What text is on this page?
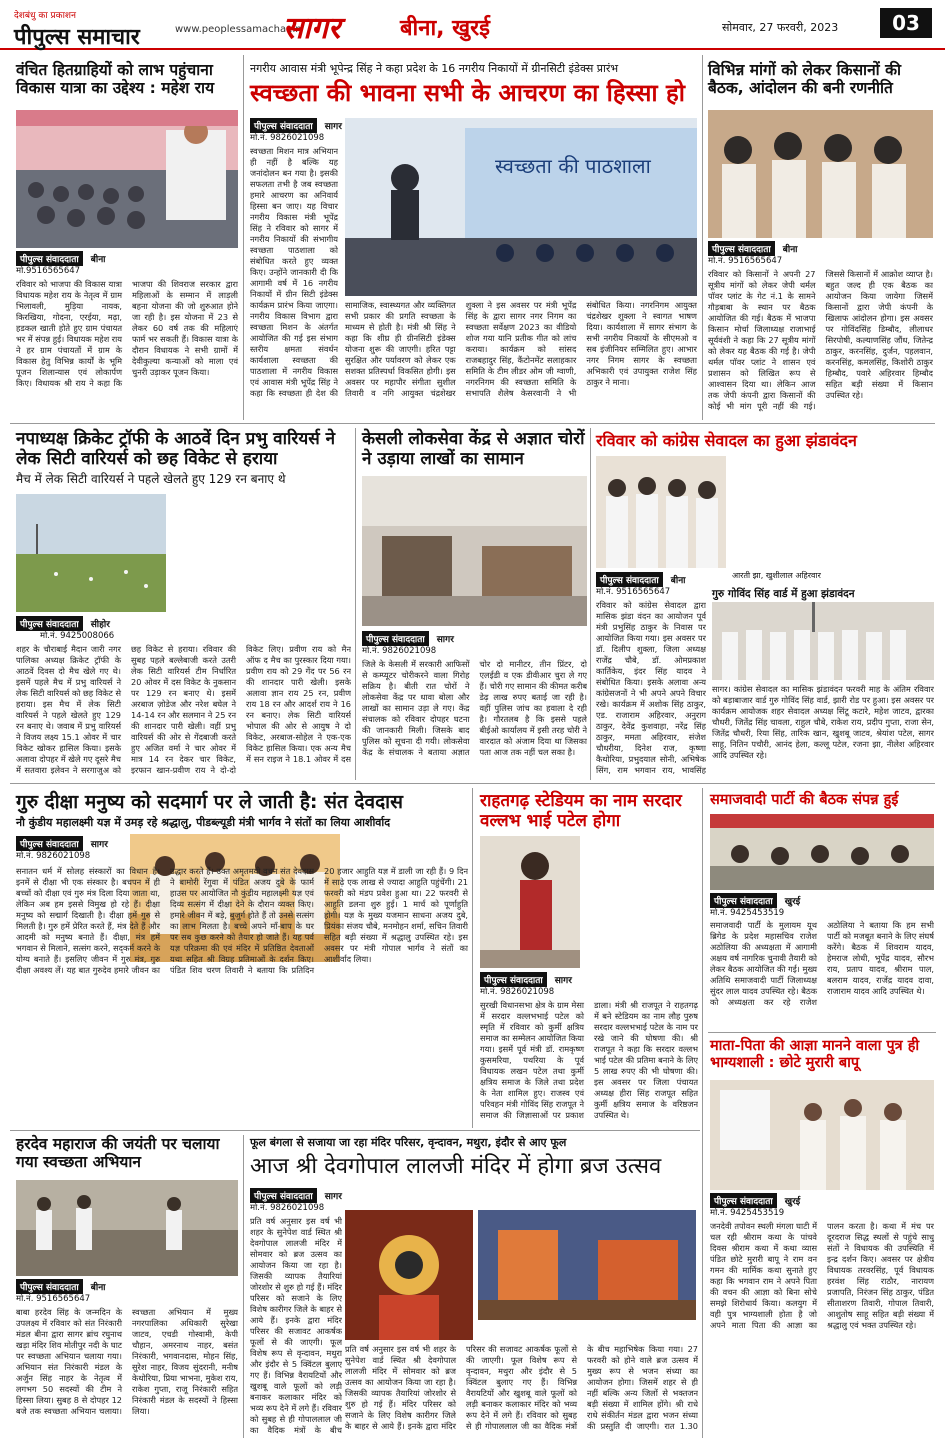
देशबंधु का प्रकाशन
पीपुल्स समाचार	www.peoplessamachar.in
सागर	बीना, खुरई	सोमवार, 27 फरवरी, 2023	03
वंचित हितग्राहियों को लाभ पहुंचाना विकास यात्रा का उद्देश्य : महेश राय
पीपुल्स संवाददाता बीना
मो.9516565647
रविवार को भाजपा की विकास यात्रा विधायक महेश राय के नेतृत्व में ग्राम भिलावली, मुड़िया नायक, किरखिया, गोदना, एरईया, मढ़ा, हडकल खाती होते हुए ग्राम पंचायत भर में संपन्न हुई। विधायक महेश राय ने हर ग्राम पंचायतों में ग्राम के विकास हेतु विभिन्न कार्यों के भूमि पूजन शिलान्यास एवं लोकार्पण किए। विधायक श्री राय ने कहा कि भाजपा की शिवराज सरकार द्वारा महिलाओं के सम्मान में लाड़ली बहना योजना की जो शुरुआत होने जा रही है। इस योजना में 23 से लेकर 60 वर्ष तक की महिलाएं फार्म भर सकती हैं। विकास यात्रा के दौरान विधायक ने सभी ग्रामों में देवीकुल्या कन्याओं को माला एवं चुनरी उड़ाकर पूजन किया।
नगरीय आवास मंत्री भूपेन्द्र सिंह ने कहा प्रदेश के 16 नगरीय निकायों में ग्रीनसिटी इंडेक्स प्रारंभ
स्वच्छता की भावना सभी के आचरण का हिस्सा हो
पीपुल्स संवाददाता सागर
मो.नं. 9826021098
स्वच्छता मिशन मात्र अभियान ही नहीं है बल्कि यह जनांदोलन बन गया है। इसकी सफलता तभी है जब स्वच्छता हमारे आचरण का अनिवार्य हिस्सा बन जाए। यह विचार नगरीय विकास मंत्री भूपेंद्र सिंह ने रविवार को सागर में नगरीय निकायों की संभागीय स्वच्छता पाठशाला को संबोधित करते हुए व्यक्त किए। उन्होंने जानकारी दी कि आगामी वर्ष में 16 नगरीय निकायों में ग्रीन सिटी इंडेक्स कार्यक्रम प्रारंभ किया जाएगा। नगरीय विकास विभाग द्वारा स्वच्छता मिशन के अंतर्गत आयोजित की गई इस संभाग स्तरीय क्षमता संवर्धन कार्यशाला स्वच्छता की पाठशाला में नगरीय विकास एवं आवास मंत्री भूपेंद्र सिंह ने कहा कि स्वच्छता ही देश की
स्वच्छता की पाठशाला
सामाजिक, स्वास्थ्यगत और व्यक्तिगत सभी प्रकार की प्रगति स्वच्छता के माध्यम से होती है। मंत्री श्री सिंह ने कहा कि शीघ्र ही ग्रीनसिटी इंडेक्स योजना शुरू की जाएगी। हरित पट्टा सुरक्षित और पर्यावरण को लेकर एक सशक्त प्रतिस्पर्धा विकसित होगी। इस अवसर पर महापौर संगीता सुशील तिवारी व नगि आयुक्त चंद्रशेखर शुक्ला ने इस अवसर पर मंत्री भूपेंद्र सिंह के द्वारा सागर नगर निगम का स्वच्छता सर्वेक्षण 2023 का वीडियो शोज गया यानि प्रतीक गीत को लांच कराया। कार्यक्रम को सांसद राजबहादुर सिंह, कैंटोनमेंट सलाहकार समिति के टीम लीडर ओम जी ग्वाणी, नगरनिगम की स्वच्छता समिति के सभापति शैलेष केसरवानी ने भी संबोधित किया। नगरनिगम आयुक्त चंद्रशेखर शुक्ला ने स्वागत भाषण दिया। कार्यशाला में सागर संभाग के सभी नगरीय निकायों के सीएमओ व सब इंजीनियर सम्मिलित हुए। आभार नगर निगम सागर के स्वच्छता अभिकारी एवं उपायुक्त राजेश सिंह ठाकुर ने माना।
विभिन्न मांगों को लेकर किसानों की बैठक, आंदोलन की बनी रणनीति
पीपुल्स संवाददाता बीना
मो.नं. 9516565647
रविवार को किसानों ने अपनी 27 सूत्रीय मांगों को लेकर जेपी थर्मल पॉवर प्लांट के गेट नं.1 के सामने गौड़बाबा के स्थान पर बैठक आयोजित की गई। बैठक में भाजपा किसान मोर्चा जिलाध्यक्ष राजाभाई सूर्यवंशी ने कहा कि 27 सूत्रीय मांगों को लेकर यह बैठक की गई है। जेपी थर्मल पॉवर प्लांट ने शासन एवं प्रशासन को लिखित रूप से आश्वासन दिया था। लेकिन आज तक जेपी कंपनी द्वारा किसानों की कोई भी मांग पूरी नहीं की गई। जिससे किसानों में आक्रोश व्याप्त है। बहुत जल्द ही एक बैठक का आयोजन किया जायेगा जिसमें किसानों द्वारा जेपी कंपनी के खिलाफ आंदोलन होगा। इस अवसर पर गोविंदसिंह डिम्बौद, लीलाधर सिरपोषी, कल्याणसिंह जौंध, जितेन्द्र ठाकुर, करनसिंह, दुर्जन, पहलवान, करनसिंह, कमलसिंह, किशोरी ठाकुर हिम्बौद, पवारे अहिरवार हिम्बौद सहित बड़ी संख्या में किसान उपस्थित रहे।
नपाध्यक्ष क्रिकेट ट्रॉफी के आठवें दिन प्रभु वारियर्स ने लेक सिटी वारियर्स को छह विकेट से हराया
मैच में लेक सिटी वारियर्स ने पहले खेलते हुए 129 रन बनाए थे
पीपुल्स संवाददाता सीहोर
मो.नं. 9425008066
शहर के चौराबाई मैदान जारी नगर पालिका अध्यक्ष क्रिकेट ट्रॉफी के आठवें दिवस दो मैच खेले गए थे। इसमें पहले मैच में प्रभु वारियर्स ने लेक सिटी वारियर्स को छह विकेट से हराया। इस मैच में लेक सिटी वारियर्स ने पहले खेलते हुए 129 रन बनाए थे। जवाब में प्रभु वारियर्स ने विजय लक्ष्य 15.1 ओवर में चार विकेट खोकर हासिल किया। इसके अलावा दोपहर में खेले गए दूसरे मैच में सतवारा इलेवन ने सरगाजुअ को छह विकेट से हराया। रविवार की सुबह पहले बल्लेबाजी करते उतरी लेक सिटी वारियर्स टीम निर्धारित 20 ओवर में दस विकेट के नुकसान पर 129 रन बनाए थे। इसमें अरबाज ज़ोडेज और नरेश बघेल ने 14-14 रन और सलमान ने 25 रन की शानदार पारी खेली। वहीं प्रभु वारियर्स की ओर से गेंदबाजी करते हुए अजित वर्मा ने चार ओवर में मात्र 14 रन देकर चार विकेट, इरफान खान-प्रवीण राय ने दो-दो विकेट लिए। प्रवीण राय को मैन ऑफ द मैच का पुरस्कार दिया गया। प्रवीण राय को 29 गेंद पर 56 रन की शानदार पारी खेली। इसके अलावा ज्ञान राय 25 रन, प्रवीण राय 18 रन और आदर्श राय ने 16 रन बनाए। लेक सिटी वारियर्स भोपाल की ओर से आयुष ने दो विकेट, अरबाज-सोहेल ने एक-एक विकेट हासिल किया। एक अन्य मैच में सन राइज ने 18.1 ओवर में दस
केसली लोकसेवा केंद्र से अज्ञात चोरों ने उड़ाया लाखों का सामान
पीपुल्स संवाददाता सागर
मो.नं. 9826021098
जिले के केसली में सरकारी आफिसों से कम्प्यूटर चोरीकरने वाला गिरोह सक्रिय है। बीती रात चोरों ने लोकसेवा केंद्र पर धावा बोला और लाखों का सामान उड़ा ले गए। केंद्र संचालक को रविवार दोपहर घटना की जानकारी मिली। जिसके बाद पुलिस को सूचना दी गयी। लोकसेवा केंद्र के संचालक ने बताया अज्ञात चोर दो मानीटर, तीन प्रिंटर, दो एलईडी व एक डीवीआर चुरा ले गए हैं। चोरी गए सामान की कीमत करीब डेढ़ लाख रुपए बताई जा रही है। वहीं पुलिस जांच का हवाला दे रही है। गौरतलब है कि इससे पहले बीईओ कार्यालय में इसी तरह चोरी ने वारदात को अंजाम दिया था जिसका पता आज तक नहीं चल सका है।
रविवार को कांग्रेस सेवादल का हुआ झंडावंदन
पीपुल्स संवाददाता बीना
मो.नं. 9516565647
रविवार को कांग्रेस सेवादल द्वारा मासिक झंडा वंदन का आयोजन पूर्व मंत्री प्रभुसिंह ठाकुर के निवास पर आयोजित किया गया। इस अवसर पर डॉ. दिलीप शुक्ला, जिला अध्यक्ष राजेंद्र चौबे, डॉ. ओमप्रकाश कार्तिकेय, इंदर सिंह यादव ने संबोधित किया। इसके अलावा अन्य कांग्रेसजनों ने भी अपने अपने विचार रखे। कार्यक्रम में अशोक सिंह ठाकुर, एड. राजाराम अहिरवार, अनुराग ठाकुर, देवेंद्र कुशवाहा, नरेंद्र सिंह ठाकुर, ममता अहिरवार, संजेश चौधरीया, दिनेश राज, कृष्णा कैथोरिया, प्रभुदयाल सोनी, अभिषेक सिंग, राम भगवान राय, भावसिंह
आरती झा, खुशीलाल अहिरवार
गुरु गोविंद सिंह वार्ड में हुआ झंडावंदन
सागर। कांग्रेस सेवादल का मासिक झंडावंदन फरवरी माह के अंतिम रविवार को बड़ाबाजार वार्ड गुरु गोविंद सिंह वार्ड, झारी रोड पर हुआ। इस अवसर पर कार्यक्रम आयोजक शहर सेवादल अध्यक्ष सिंटू कटारे, महेश जाटव, द्वारका चौधरी, जितेंद्र सिंह चावला, राहुल चौबे, राकेश राय, प्रदीप गुप्ता, राजा सेन, जितेंद्र चौधरी, रिया सिंह, तारिक खान, खुशबू जाटव, श्रेयांश पटेल, सागर साहू, नितिन पचौरी, आनंद हेला, कल्लू पटेल, रजना झा, नीलेश अहिरवार आदि उपस्थित रहे।
गुरु दीक्षा मनुष्य को सदमार्ग पर ले जाती है: संत देवदास
नौ कुंडीय महालक्ष्मी यज्ञ में उमड़ रहे श्रद्धालु, पीडब्ल्यूडी मंत्री भार्गव ने संतों का लिया आशीर्वाद
पीपुल्स संवाददाता सागर
मो.नं. 9826021098
सनातन धर्म में सोलह संस्कारों का विधान है। इनमें से दीक्षा भी एक संस्कार है। बचपन में ही बच्चों को दीक्षा एवं गुरु मंत्र दिला दिया जाता था, लेकिन अब हम इससे विमुख हो रहे हैं। दीक्षा मनुष्य को सद्मार्ग दिखाती है। दीक्षा हमें गुरु से मिलती है। गुरु हमें प्रेरित करते हैं, मंत्र देते हैं और आदमी को मनुष्य बनाते हैं। दीक्षा, मंत्र हमें भगवान से मिलाने, सत्संग करने, सद्कर्म करने के योग्य बनाते हैं। इसलिए जीवन में गुरु मंत्र, गुरु दीक्षा अवश्य लें। यह बात गुरुदेव हमारे जीवन का उद्धार करते हैं। उक्त अमृतमयी वचन संत देवदास ने बामोरी रेंगुवा में पंडित अजय दुबे के फार्म हाउस पर आयोजित नौ कुंडीय महालक्ष्मी यज्ञ एवं दिव्य सत्संग में दीक्षा देने के दौरान व्यक्त किए। हमारे जीवन में बड़े, बुजुर्ग होते हैं तो उनसे सत्संग का लाभ मिलता है। बच्चे अपने माँ-बाप के घर पर सब कुछ करने को तैयार हो जाते हैं। यह पर्व यज्ञ परिक्रमा की एवं मंदिर में प्रतिष्ठित देवताओं यथा सहित श्री विग्रह प्रतिमाओं के दर्शन किए। पंडित शिव चरण तिवारी ने बताया कि प्रतिदिन 20 हजार आहुति यज्ञ में डाली जा रही हैं। 9 दिन में साढ़े एक लाख से ज्यादा आहुति पहुंचेंगी। 21 फरवरी को मंडप प्रवेश हुआ था। 22 फरवरी से आहुति डलना शुरु हुई। 1 मार्च को पूर्णाहुति होगी। यज्ञ के मुख्य यजमान साधना अजय दुबे, प्रियंका संजय चौबे, मनमोहन शर्मा, सचिन तिवारी सहित बड़ी संख्या में श्रद्धालु उपस्थित रहे। इस अवसर पर मंत्री गोपाल भार्गव ने संतों का आशीर्वाद लिया।
राहतगढ़ स्टेडियम का नाम सरदार वल्लभ भाई पटेल होगा
पीपुल्स संवाददाता सागर
मो.नं. 9826021098
सुरखी विधानसभा क्षेत्र के ग्राम मेसा में सरदार वल्लभभाई पटेल को स्मृति में रविवार को कुर्मी क्षत्रिय समाज का सम्मेलन आयोजित किया गया। इसमें पूर्व मंत्री डॉ. रामकृष्ण कुसमरिया, पथरिया के पूर्व विधायक लखन पटेल तथा कुर्मी क्षत्रिय समाज के जिले तथा प्रदेश के नेता शामिल हुए। राजस्व एवं परिवहन मंत्री गोविंद सिंह राजपूत ने समाज की जिज्ञासाओं पर प्रकाश डाला। मंत्री श्री राजपूत ने राहतगढ़ में बने स्टेडियम का नाम लौह पुरुष सरदार वल्लभभाई पटेल के नाम पर रखे जाने की घोषणा की। श्री राजपूत ने कहा कि सरदार वल्लभ भाई पटेल की प्रतिमा बनाने के लिए 5 लाख रुपए की भी घोषणा की। इस अवसर पर जिला पंचायत अध्यक्ष हीरा सिंह राजपूत सहित कुर्मी क्षत्रिय समाज के वरिष्ठजन उपस्थित थे।
समाजवादी पार्टी की बैठक संपन्न हुई
पीपुल्स संवाददाता खुरई
मो.नं. 9425453519
समाजवादी पार्टी के मुलायम यूथ ब्रिगेड के प्रदेश महासचिव राजेश अठोलिया की अध्यक्षता में आगामी अक्षय वर्ष नागरिक चुनावी तैयारी को लेकर बैठक आयोजित की गई। मुख्य अतिथि समाजवादी पार्टी जिलाध्यक्ष सुंदर लाल यादव उपस्थित रहे। बैठक को अध्यक्षता कर रहे राजेश अठोलिया ने बताया कि हम सभी पार्टी को मजबूत बनाने के लिए संघर्ष करेंगे। बैठक में शिवराम यादव, हेमराज लोधी, भूपेंद्र यादव, सौरभ राय, प्रताप यादव, श्रीराम पाल, बलराम यादव, राजेंद्र यादव दावा, राजाराम यादव आदि उपस्थित थे।
माता-पिता की आज्ञा मानने वाला पुत्र ही भाग्यशाली : छोटे मुरारी बापू
पीपुल्स संवाददाता खुरई
मो.नं. 9425453519
जनदेवी तपोवन स्थली मंगला घाटी में चल रही श्रीराम कथा के पांचवे दिवस श्रीराम कथा में कथा व्यास पंडित छोटे मुरारी बापू ने राम वन गमन की मार्मिक कथा सुनाते हुए कहा कि भगवान राम ने अपने पिता की वचन की आज्ञा को बिना सोचे समझे शिरोधार्य किया। कलयुग में वही पुत्र भाग्यशाली होता है जो अपने माता पिता की आज्ञा का पालन करता है। कथा में मंच पर दूरदराज सिद्ध स्थलों से पहुंचे साधु संतों ने विधायक की उपस्थिति में इन्द्र दर्शन किए। अवसर पर क्षेत्रीय विधायक तरवरसिंह, पूर्व विधायक हरवंश सिंह राठौर, नारायण प्रजापति, निरंजन सिंह ठाकुर, पंडित सीताशरण तिवारी, गोपाल तिवारी, आशुतोष साहू सहित बड़ी संख्या में श्रद्धालु एवं भक्त उपस्थित रहे।
हरदेव महाराज की जयंती पर चलाया गया स्वच्छता अभियान
पीपुल्स संवाददाता बीना
मो.नं. 9516565647
बाबा हरदेव सिंह के जन्मदिन के उपलक्ष्य में रविवार को संत निरंकारी मंडल बीना द्वारा सागर ब्रांच रघुनाथ खड़ा मंदिर शिव मोतीपुर नदी के घाट पर स्वच्छता अभियान चलाया गया। अभियान संत निरंकारी मंडल के अर्जुन सिंह नाहर के नेतृत्व में लगभग 50 सदस्यों की टीम ने हिस्सा लिया। सुबह 8 से दोपहर 12 बजे तक स्वच्छता अभियान चलाया। स्वच्छता अभियान में मुख्य नगरपालिका अधिकारी सुरेखा जाटव, एचडी गोस्वामी, केपी चौहान, अमरनाथ नाहर, बसंत निरंकारी, भगवानदास, मोहन सिंह, सुरेश नाहर, विजय सुंदरानी, मनीष केथोरिया, प्रिया भाभना, मुकेश राय, राकेश गुप्ता, राजू निरंकारी सहित निरंकारी मंडल के सदस्यों ने हिस्सा लिया।
फूल बंगला से सजाया जा रहा मंदिर परिसर, वृन्दावन, मथुरा, इंदौर से आए फूल
आज श्री देवगोपाल लालजी मंदिर में होगा ब्रज उत्सव
पीपुल्स संवाददाता सागर
मो.नं. 9826021098
प्रति वर्ष अनुसार इस वर्ष भी शहर के सुनेपेश वार्ड स्थित श्री देवगोपाल लालजी मंदिर में सोमवार को ब्रज उत्सव का आयोजन किया जा रहा है। जिसकी व्यापक तैयारियां जोरशोर से शुरु हो गई हैं। मंदिर परिसर को सजाने के लिए विशेष कारीगर जिले के बाहर से आये हैं। इनके द्वारा मंदिर परिसर की सजावट आकर्षक फूलों से की जाएगी। फूल विशेष रूप से वृन्दावन, मथुरा और इंदौर से 5 क्विंटल बुलाए गए हैं। विभिन्न वैरायटियों और खुशबू वाले फूलों को लड़ी बनाकर कलाकार मंदिर को भव्य रूप देने में लगे हैं। रविवार को सुबह से ही गोपाललाल जी का वैदिक मंत्रों के बीच
प्रति वर्ष अनुसार इस वर्ष भी शहर के सुनेपेश वार्ड स्थित श्री देवगोपाल लालजी मंदिर में सोमवार को ब्रज उत्सव का आयोजन किया जा रहा है। जिसकी व्यापक तैयारियां जोरशोर से शुरु हो गई हैं। मंदिर परिसर को सजाने के लिए विशेष कारीगर जिले के बाहर से आये हैं। इनके द्वारा मंदिर परिसर की सजावट आकर्षक फूलों से की जाएगी। फूल विशेष रूप से वृन्दावन, मथुरा और इंदौर से 5 क्विंटल बुलाए गए हैं। विभिन्न वैरायटियों और खुशबू वाले फूलों को लड़ी बनाकर कलाकार मंदिर को भव्य रूप देने में लगे हैं। रविवार को सुबह से ही गोपाललाल जी का वैदिक मंत्रों के बीच महाभिषेक किया गया। 27 फरवरी को होने वाले ब्रज उत्सव में मुख्य रूप से भजन संध्या का आयोजन होगा। जिसमें शहर से ही नहीं बल्कि अन्य जिलों से भक्तजन बड़ी संख्या में शामिल होंगे। श्री राधे राधे संकीर्तन मंडल द्वारा भजन संध्या की प्रस्तुति दी जाएगी। रात 1.30
